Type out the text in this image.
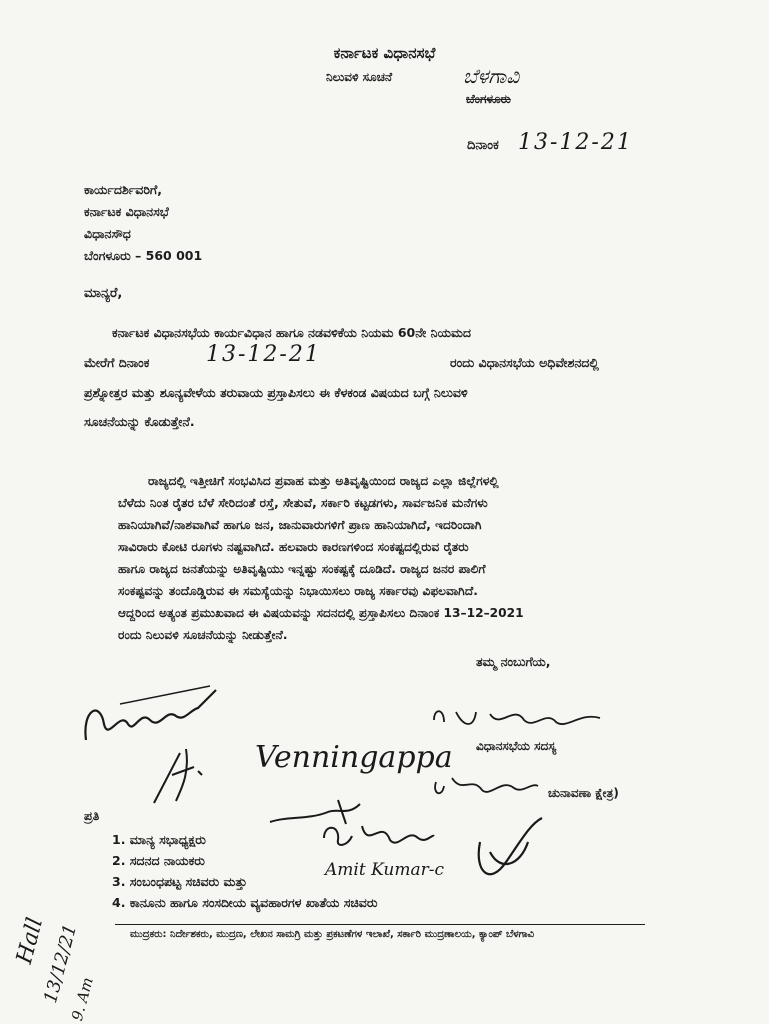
ಕರ್ನಾಟಕ ವಿಧಾನಸಭೆ
ನಿಲುವಳಿ ಸೂಚನೆ	ಬೆಳಗಾವಿ
ಬೆಂಗಳೂರು
ದಿನಾಂಕ 13-12-21
ಕಾರ್ಯದರ್ಶಿವರಿಗೆ,
ಕರ್ನಾಟಕ ವಿಧಾನಸಭೆ
ವಿಧಾನಸೌಧ
ಬೆಂಗಳೂರು – 560 001
ಮಾನ್ಯರೆ,
ಕರ್ನಾಟಕ ವಿಧಾನಸಭೆಯ ಕಾರ್ಯವಿಧಾನ ಹಾಗೂ ನಡವಳಿಕೆಯ ನಿಯಮ 60ನೇ ನಿಯಮದ
ಮೇರೆಗೆ ದಿನಾಂಕ	13-12-21	ರಂದು ವಿಧಾನಸಭೆಯ ಅಧಿವೇಶನದಲ್ಲಿ
ಪ್ರಶ್ನೋತ್ತರ ಮತ್ತು ಶೂನ್ಯವೇಳೆಯ ತರುವಾಯ ಪ್ರಸ್ತಾಪಿಸಲು ಈ ಕೆಳಕಂಡ ವಿಷಯದ ಬಗ್ಗೆ ನಿಲುವಳಿ
ಸೂಚನೆಯನ್ನು ಕೊಡುತ್ತೇನೆ.
ರಾಜ್ಯದಲ್ಲಿ ಇತ್ತೀಚಿಗೆ ಸಂಭವಿಸಿದ ಪ್ರವಾಹ ಮತ್ತು ಅತಿವೃಷ್ಟಿಯಿಂದ ರಾಜ್ಯದ ಎಲ್ಲಾ ಜಿಲ್ಲೆಗಳಲ್ಲಿ
ಬೆಳೆದು ನಿಂತ ರೈತರ ಬೆಳೆ ಸೇರಿದಂತೆ ರಸ್ತೆ, ಸೇತುವೆ, ಸರ್ಕಾರಿ ಕಟ್ಟಡಗಳು, ಸಾರ್ವಜನಿಕ ಮನೆಗಳು
ಹಾನಿಯಾಗಿವೆ/ನಾಶವಾಗಿವೆ ಹಾಗೂ ಜನ, ಜಾನುವಾರುಗಳಿಗೆ ಪ್ರಾಣ ಹಾನಿಯಾಗಿದೆ, ಇದರಿಂದಾಗಿ
ಸಾವಿರಾರು ಕೋಟಿ ರೂಗಳು ನಷ್ಟವಾಗಿದೆ. ಹಲವಾರು ಕಾರಣಗಳಿಂದ ಸಂಕಷ್ಟದಲ್ಲಿರುವ ರೈತರು
ಹಾಗೂ ರಾಜ್ಯದ ಜನತೆಯನ್ನು ಅತಿವೃಷ್ಟಿಯು ಇನ್ನಷ್ಟು ಸಂಕಷ್ಟಕ್ಕೆ ದೂಡಿದೆ. ರಾಜ್ಯದ ಜನರ ಪಾಲಿಗೆ
ಸಂಕಷ್ಟವನ್ನು ತಂದೊಡ್ಡಿರುವ ಈ ಸಮಸ್ಯೆಯನ್ನು ನಿಭಾಯಿಸಲು ರಾಜ್ಯ ಸರ್ಕಾರವು ವಿಫಲವಾಗಿದೆ.
ಆದ್ದರಿಂದ ಅತ್ಯಂತ ಪ್ರಮುಖವಾದ ಈ ವಿಷಯವನ್ನು ಸದನದಲ್ಲಿ ಪ್ರಸ್ತಾಪಿಸಲು ದಿನಾಂಕ 13–12–2021
ರಂದು ನಿಲುವಳಿ ಸೂಚನೆಯನ್ನು ನೀಡುತ್ತೇನೆ.
ತಮ್ಮ ನಂಬುಗೆಯ,
Venningappa ವಿಧಾನಸಭೆಯ ಸದಸ್ಯ
ಚುನಾವಣಾ ಕ್ಷೇತ್ರ)
Amit Kumar-c
ಪ್ರತಿ
1. ಮಾನ್ಯ ಸಭಾಧ್ಯಕ್ಷರು
2. ಸದನದ ನಾಯಕರು
3. ಸಂಬಂಧಪಟ್ಟ ಸಚಿವರು ಮತ್ತು
4. ಕಾನೂನು ಹಾಗೂ ಸಂಸದೀಯ ವ್ಯವಹಾರಗಳ ಖಾತೆಯ ಸಚಿವರು
ಮುದ್ರಕರು: ನಿರ್ದೇಶಕರು, ಮುದ್ರಣ, ಲೇಖನ ಸಾಮಗ್ರಿ ಮತ್ತು ಪ್ರಕಟಣೆಗಳ ಇಲಾಖೆ, ಸರ್ಕಾರಿ ಮುದ್ರಣಾಲಯ, ಕ್ಯಾಂಪ್ ಬೆಳಗಾವಿ
Hall
13/12/21
9. Am
